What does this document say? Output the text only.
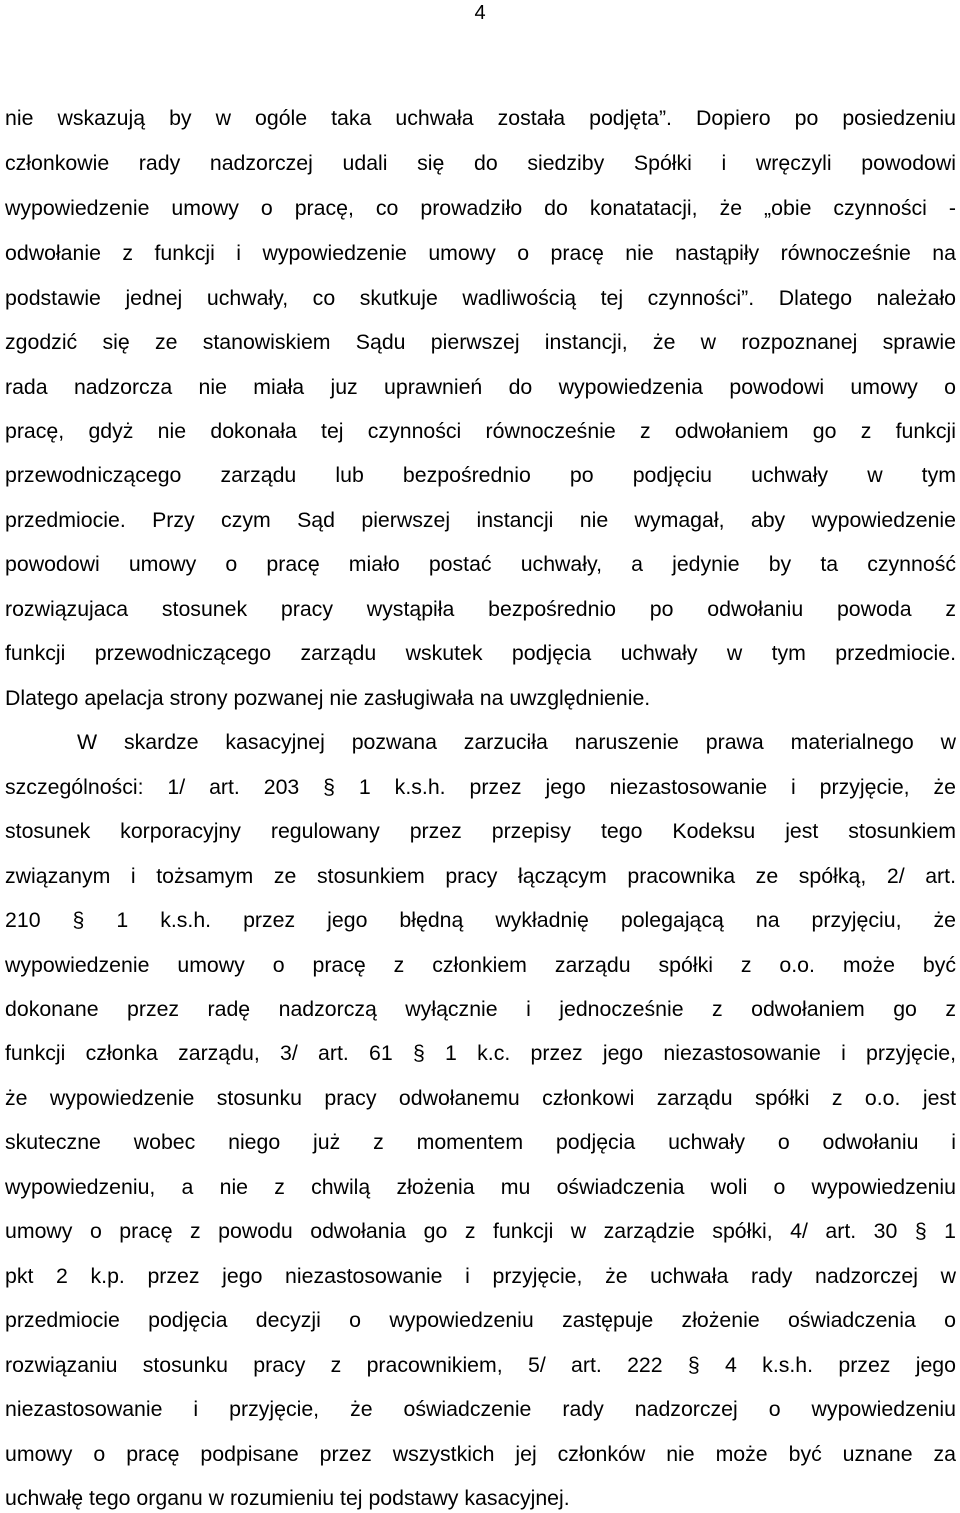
4
nie wskazują by w ogóle taka uchwała została podjęta”. Dopiero po posiedzeniu
członkowie rady nadzorczej udali się do siedziby Spółki i wręczyli powodowi
wypowiedzenie umowy o pracę, co prowadziło do konatatacji, że „obie czynności -
odwołanie z funkcji i wypowiedzenie umowy o pracę nie nastąpiły równocześnie na
podstawie jednej uchwały, co skutkuje wadliwością tej czynności”. Dlatego należało
zgodzić się ze stanowiskiem Sądu pierwszej instancji, że w rozpoznanej sprawie
rada nadzorcza nie miała juz uprawnień do wypowiedzenia powodowi umowy o
pracę, gdyż nie dokonała tej czynności równocześnie z odwołaniem go z funkcji
przewodniczącego zarządu lub bezpośrednio po podjęciu uchwały w tym
przedmiocie. Przy czym Sąd pierwszej instancji nie wymagał, aby wypowiedzenie
powodowi umowy o pracę miało postać uchwały, a jedynie by ta czynność
rozwiązujaca stosunek pracy wystąpiła bezpośrednio po odwołaniu powoda z
funkcji przewodniczącego zarządu wskutek podjęcia uchwały w tym przedmiocie.
Dlatego apelacja strony pozwanej nie zasługiwała na uwzględnienie.
W skardze kasacyjnej pozwana zarzuciła naruszenie prawa materialnego w
szczególności: 1/ art. 203 § 1 k.s.h. przez jego niezastosowanie i przyjęcie, że
stosunek korporacyjny regulowany przez przepisy tego Kodeksu jest stosunkiem
związanym i tożsamym ze stosunkiem pracy łączącym pracownika ze spółką, 2/ art.
210 § 1 k.s.h. przez jego błędną wykładnię polegającą na przyjęciu, że
wypowiedzenie umowy o pracę z członkiem zarządu spółki z o.o. może być
dokonane przez radę nadzorczą wyłącznie i jednocześnie z odwołaniem go z
funkcji członka zarządu, 3/ art. 61 § 1 k.c. przez jego niezastosowanie i przyjęcie,
że wypowiedzenie stosunku pracy odwołanemu członkowi zarządu spółki z o.o. jest
skuteczne wobec niego już z momentem podjęcia uchwały o odwołaniu i
wypowiedzeniu, a nie z chwilą złożenia mu oświadczenia woli o wypowiedzeniu
umowy o pracę z powodu odwołania go z funkcji w zarządzie spółki, 4/ art. 30 § 1
pkt 2 k.p. przez jego niezastosowanie i przyjęcie, że uchwała rady nadzorczej w
przedmiocie podjęcia decyzji o wypowiedzeniu zastępuje złożenie oświadczenia o
rozwiązaniu stosunku pracy z pracownikiem, 5/ art. 222 § 4 k.s.h. przez jego
niezastosowanie i przyjęcie, że oświadczenie rady nadzorczej o wypowiedzeniu
umowy o pracę podpisane przez wszystkich jej członków nie może być uznane za
uchwałę tego organu w rozumieniu tej podstawy kasacyjnej.
